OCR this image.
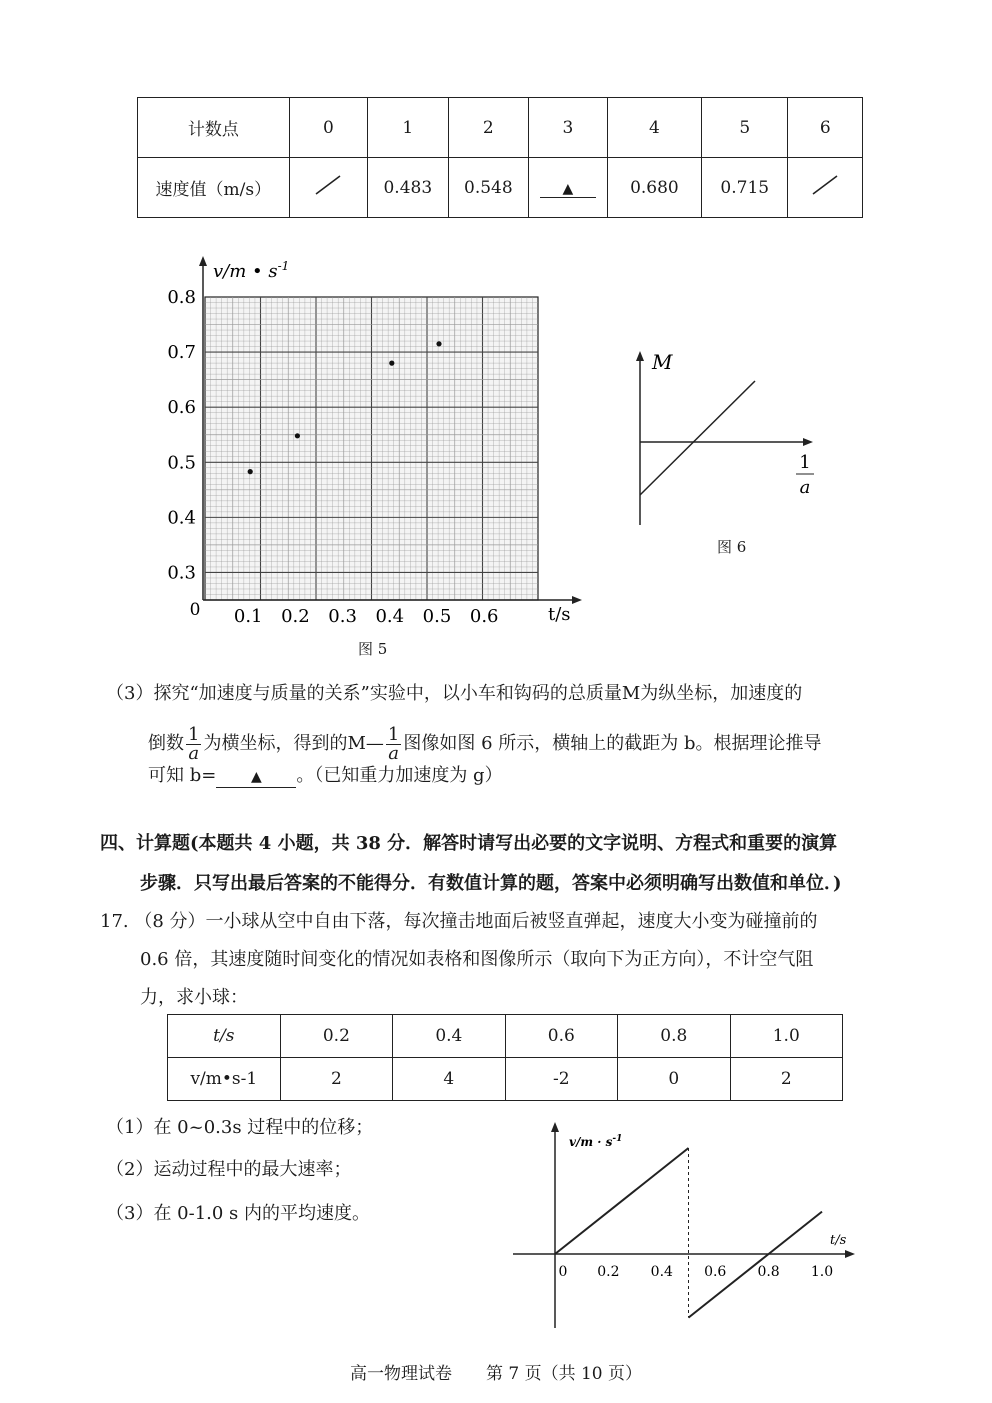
计数点	0	1	2	3	4	5	6
速度值（m/s）		0.483	0.548	▲	0.680	0.715	
v/m • $s^{-1}$
t/s
0 0.1 0.2 0.3 0.4 0.5 0.6
0.3
0.4
0.5
0.6
0.7
0.8
图 5
M
1
a
图 6
（3）探究“加速度与质量的关系”实验中，以小车和钩码的总质量M为纵坐标，加速度的
倒数 $\frac{1}{a}$ 为横坐标，得到的M— $\frac{1}{a}$ 图像如图 6 所示，横轴上的截距为 b。根据理论推导
可知 b= ▲ 。（已知重力加速度为 g）
四、计算题(本题共 4 小题，共 38 分．解答时请写出必要的文字说明、方程式和重要的演算
步骤．只写出最后答案的不能得分．有数值计算的题，答案中必须明确写出数值和单位．)
17. （8 分）一小球从空中自由下落，每次撞击地面后被竖直弹起，速度大小变为碰撞前的
0.6 倍，其速度随时间变化的情况如表格和图像所示（取向下为正方向），不计空气阻
力，求小球：
t/s	0.2	0.4	0.6	0.8	1.0
v/m•s-1	2	4	-2	0	2
（1）在 0~0.3s 过程中的位移；
（2）运动过程中的最大速率；
（3）在 0-1.0 s 内的平均速度。
$v/m \cdot s^{-1}$
t/s
0 0.2 0.4 0.6 0.8 1.0
高一物理试卷　　第 7 页（共 10 页）
